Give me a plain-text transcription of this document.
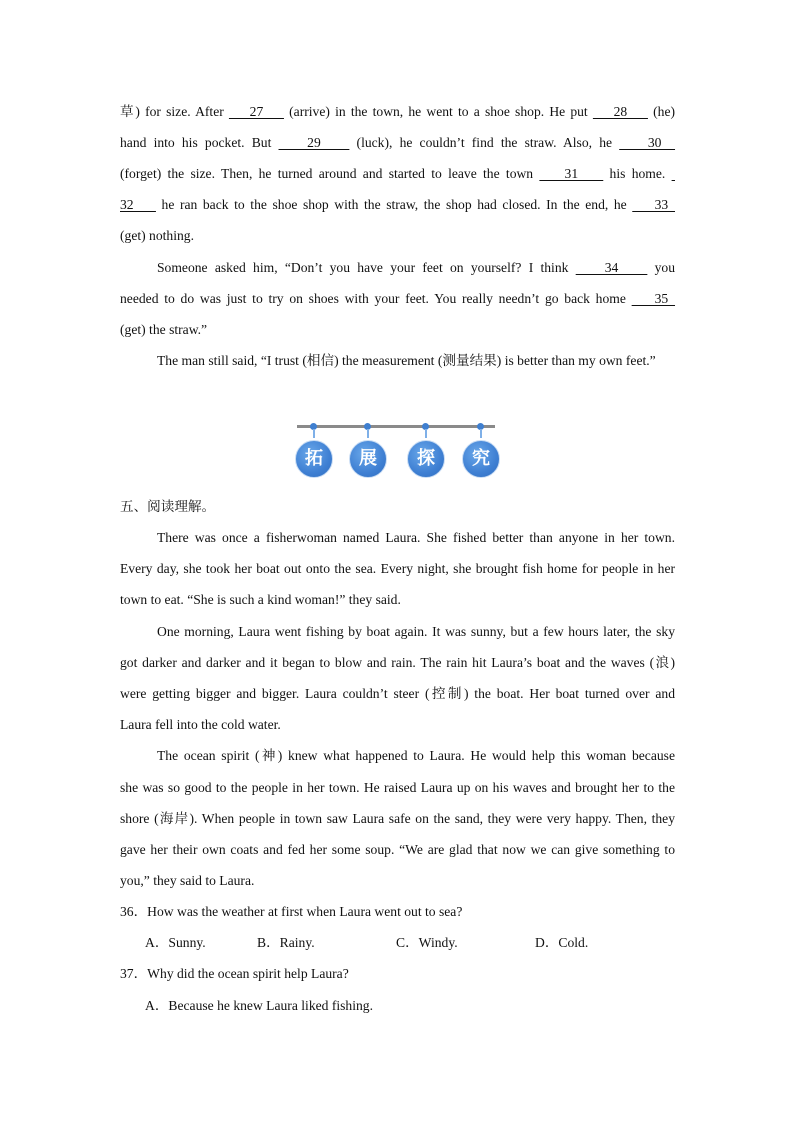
草) for size. After     27     (arrive) in the town, he went to a shoe shop. He put     28     (he)
hand into his pocket. But     29     (luck), he couldn’t find the straw. Also, he     30
(forget) the size. Then, he turned around and started to leave the town     31     his home.
32     he ran back to the shoe shop with the straw, the shop had closed. In the end, he     33
(get) nothing.
Someone asked him, “Don’t you have your feet on yourself? I think     34     you
needed to do was just to try on shoes with your feet. You really needn’t go back home     35
(get) the straw.”
The man still said, “I trust (相信) the measurement (测量结果) is better than my own feet.”
五、阅读理解。
There was once a fisherwoman named Laura. She fished better than anyone in her town.
Every day, she took her boat out onto the sea. Every night, she brought fish home for people in her
town to eat. “She is such a kind woman!” they said.
One morning, Laura went fishing by boat again. It was sunny, but a few hours later, the sky
got darker and darker and it began to blow and rain. The rain hit Laura’s boat and the waves (浪)
were getting bigger and bigger. Laura couldn’t steer (控制) the boat. Her boat turned over and
Laura fell into the cold water.
The ocean spirit (神) knew what happened to Laura. He would help this woman because
she was so good to the people in her town. He raised Laura up on his waves and brought her to the
shore (海岸). When people in town saw Laura safe on the sand, they were very happy. Then, they
gave her their own coats and fed her some soup. “We are glad that now we can give something to
you,” they said to Laura.
36．How was the weather at first when Laura went out to sea?
37．Why did the ocean spirit help Laura?
A．Because he knew Laura liked fishing.
A．Sunny.	B．Rainy.	C．Windy.	D．Cold.
拓	展	探	究
